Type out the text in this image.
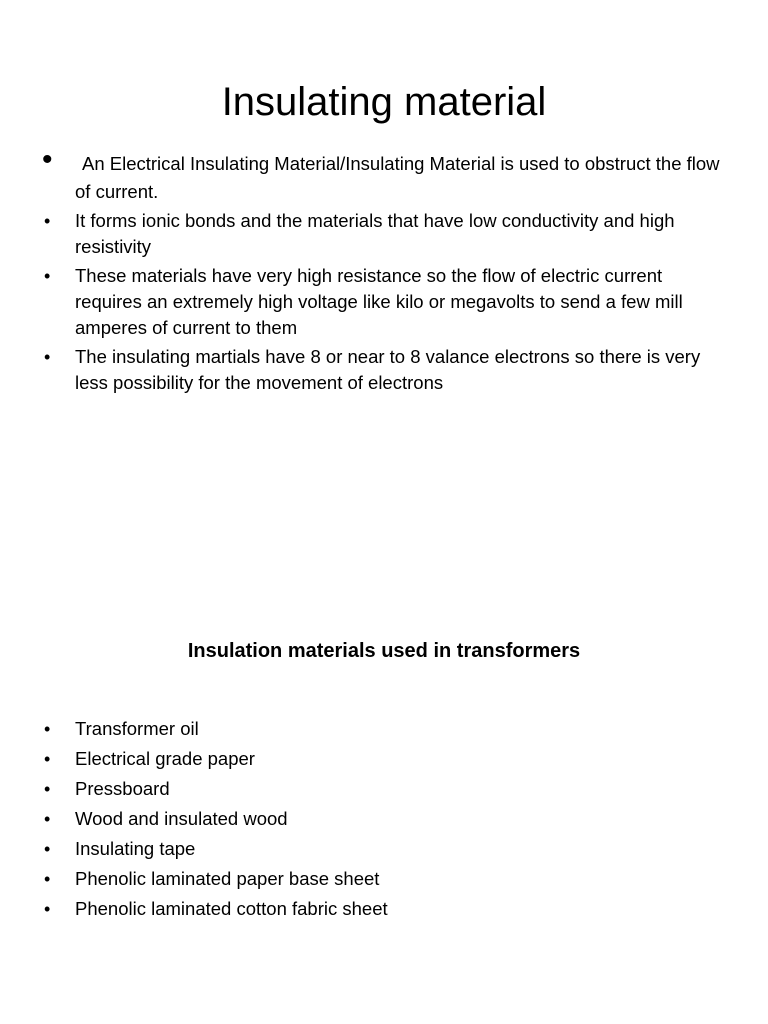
Insulating material
• An Electrical Insulating Material/Insulating Material is used to obstruct the flow of current.
• It forms ionic bonds and the materials that have low conductivity and high resistivity
• These materials have very high resistance so the flow of electric current requires an extremely high voltage like kilo or megavolts to send a few mill amperes of current to them
• The insulating martials have 8 or near to 8 valance electrons so there is very less possibility for the movement of electrons
Insulation materials used in transformers
• Transformer oil
• Electrical grade paper
• Pressboard
• Wood and insulated wood
• Insulating tape
• Phenolic laminated paper base sheet
• Phenolic laminated cotton fabric sheet
